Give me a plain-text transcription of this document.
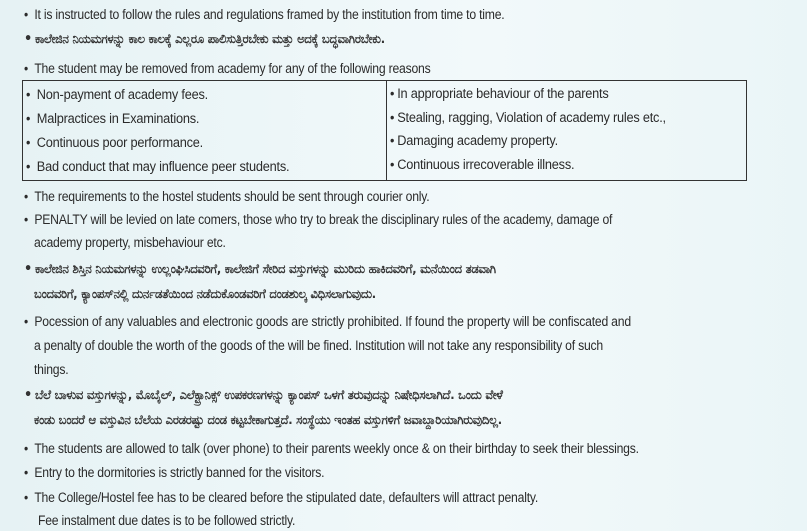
• It is instructed to follow the rules and regulations framed by the institution from time to time.
• ಕಾಲೇಜಿನ ನಿಯಮಗಳನ್ನು ಕಾಲ ಕಾಲಕ್ಕೆ ಎಲ್ಲರೂ ಪಾಲಿಸುತ್ತಿರಬೇಕು ಮತ್ತು ಅದಕ್ಕೆ ಬದ್ಧವಾಗಿರಬೇಕು.
• The student may be removed from academy for any of the following reasons
• Non-payment of academy fees.
• Malpractices in Examinations.
• Continuous poor performance.
• Bad conduct that may influence peer students.
• In appropriate behaviour of the parents
• Stealing, ragging, Violation of academy rules etc.,
• Damaging academy property.
• Continuous irrecoverable illness.
• The requirements to the hostel students should be sent through courier only.
• PENALTY will be levied on late comers, those who try to break the disciplinary rules of the academy, damage of
academy property, misbehaviour etc.
• ಕಾಲೇಜಿನ ಶಿಸ್ತಿನ ನಿಯಮಗಳನ್ನು ಉಲ್ಲಂಘಿಸಿದವರಿಗೆ, ಕಾಲೇಜಿಗೆ ಸೇರಿದ ವಸ್ತುಗಳನ್ನು ಮುರಿದು ಹಾಕಿದವರಿಗೆ, ಮನೆಯಿಂದ ತಡವಾಗಿ
ಬಂದವರಿಗೆ, ಕ್ಯಾಂಪಸ್‌ನಲ್ಲಿ ದುರ್ನಡತೆಯಿಂದ ನಡೆದುಕೊಂಡವರಿಗೆ ದಂಡಶುಲ್ಕ ವಿಧಿಸಲಾಗುವುದು.
• Pocession of any valuables and electronic goods are strictly prohibited. If found the property will be confiscated and
a penalty of double the worth of the goods of the will be fined. Institution will not take any responsibility of such
things.
• ಬೆಲೆ ಬಾಳುವ ವಸ್ತುಗಳನ್ನು, ಮೊಬೈಲ್, ಎಲೆಕ್ಟ್ರಾನಿಕ್ಸ್ ಉಪಕರಣಗಳನ್ನು ಕ್ಯಾಂಪಸ್ ಒಳಗೆ ತರುವುದನ್ನು ನಿಷೇಧಿಸಲಾಗಿದೆ. ಒಂದು ವೇಳೆ
ಕಂಡು ಬಂದರೆ ಆ ವಸ್ತುವಿನ ಬೆಲೆಯ ಎರಡರಷ್ಟು ದಂಡ ಕಟ್ಟಬೇಕಾಗುತ್ತದೆ. ಸಂಸ್ಥೆಯು ಇಂತಹ ವಸ್ತುಗಳಿಗೆ ಜವಾಬ್ದಾರಿಯಾಗಿರುವುದಿಲ್ಲ.
• The students are allowed to talk (over phone) to their parents weekly once & on their birthday to seek their blessings.
• Entry to the dormitories is strictly banned for the visitors.
• The College/Hostel fee has to be cleared before the stipulated date, defaulters will attract penalty.
Fee instalment due dates is to be followed strictly.
